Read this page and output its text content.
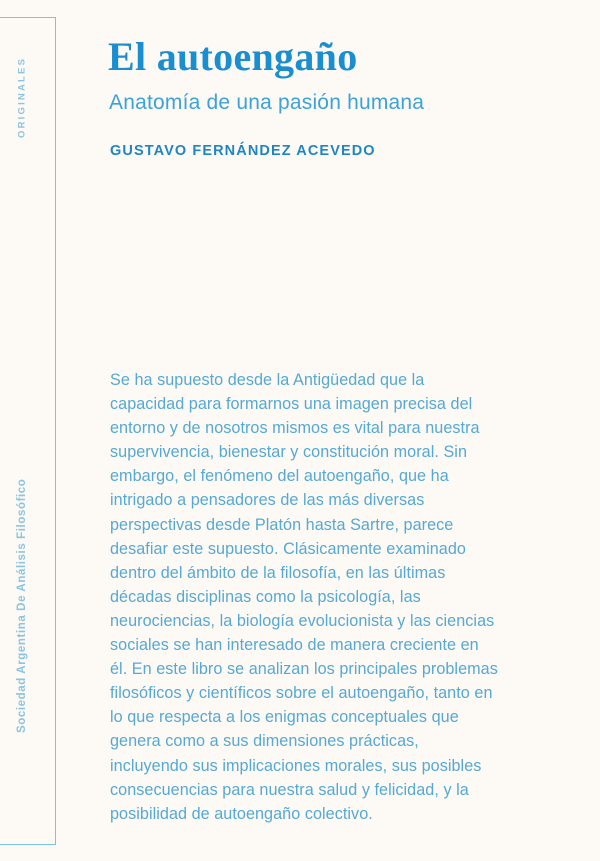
ORIGINALES
Sociedad Argentina De Análisis Filosófico
El autoengaño
Anatomía de una pasión humana
GUSTAVO FERNÁNDEZ ACEVEDO

Se ha supuesto desde la Antigüedad que la capacidad para formarnos una imagen precisa del entorno y de nosotros mismos es vital para nuestra supervivencia, bienestar y constitución moral. Sin embargo, el fenómeno del autoengaño, que ha intrigado a pensadores de las más diversas perspectivas desde Platón hasta Sartre, parece desafiar este supuesto. Clásicamente examinado dentro del ámbito de la filosofía, en las últimas décadas disciplinas como la psicología, las neurociencias, la biología evolucionista y las ciencias sociales se han interesado de manera creciente en él. En este libro se analizan los principales problemas filosóficos y científicos sobre el autoengaño, tanto en lo que respecta a los enigmas conceptuales que genera como a sus dimensiones prácticas, incluyendo sus implicaciones morales, sus posibles consecuencias para nuestra salud y felicidad, y la posibilidad de autoengaño colectivo.
